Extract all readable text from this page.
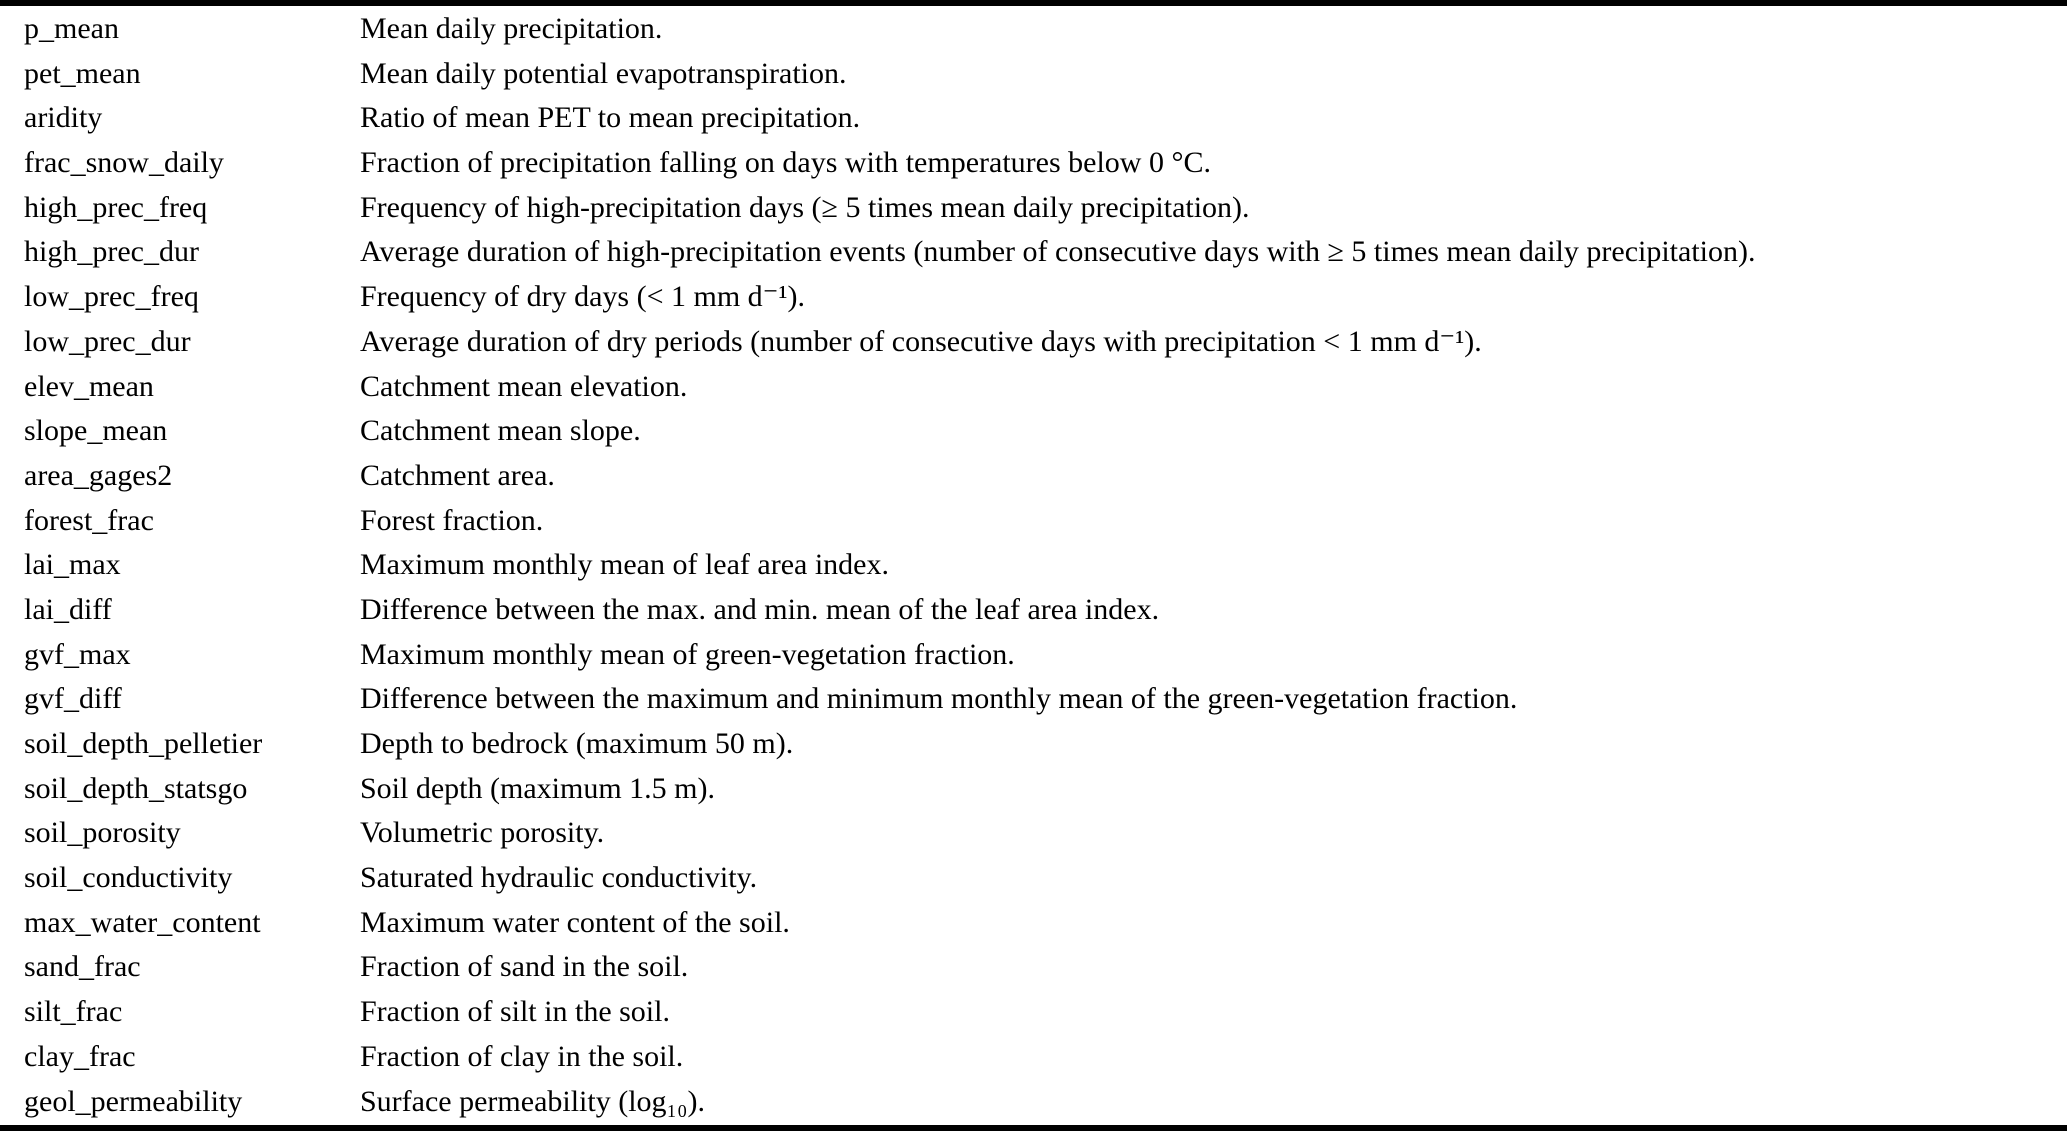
p_mean	Mean daily precipitation.
pet_mean	Mean daily potential evapotranspiration.
aridity	Ratio of mean PET to mean precipitation.
frac_snow_daily	Fraction of precipitation falling on days with temperatures below 0 °C.
high_prec_freq	Frequency of high-precipitation days (≥ 5 times mean daily precipitation).
high_prec_dur	Average duration of high-precipitation events (number of consecutive days with ≥ 5 times mean daily precipitation).
low_prec_freq	Frequency of dry days (< 1 mm d⁻¹).
low_prec_dur	Average duration of dry periods (number of consecutive days with precipitation < 1 mm d⁻¹).
elev_mean	Catchment mean elevation.
slope_mean	Catchment mean slope.
area_gages2	Catchment area.
forest_frac	Forest fraction.
lai_max	Maximum monthly mean of leaf area index.
lai_diff	Difference between the max. and min. mean of the leaf area index.
gvf_max	Maximum monthly mean of green-vegetation fraction.
gvf_diff	Difference between the maximum and minimum monthly mean of the green-vegetation fraction.
soil_depth_pelletier	Depth to bedrock (maximum 50 m).
soil_depth_statsgo	Soil depth (maximum 1.5 m).
soil_porosity	Volumetric porosity.
soil_conductivity	Saturated hydraulic conductivity.
max_water_content	Maximum water content of the soil.
sand_frac	Fraction of sand in the soil.
silt_frac	Fraction of silt in the soil.
clay_frac	Fraction of clay in the soil.
geol_permeability	Surface permeability (log₁₀).
